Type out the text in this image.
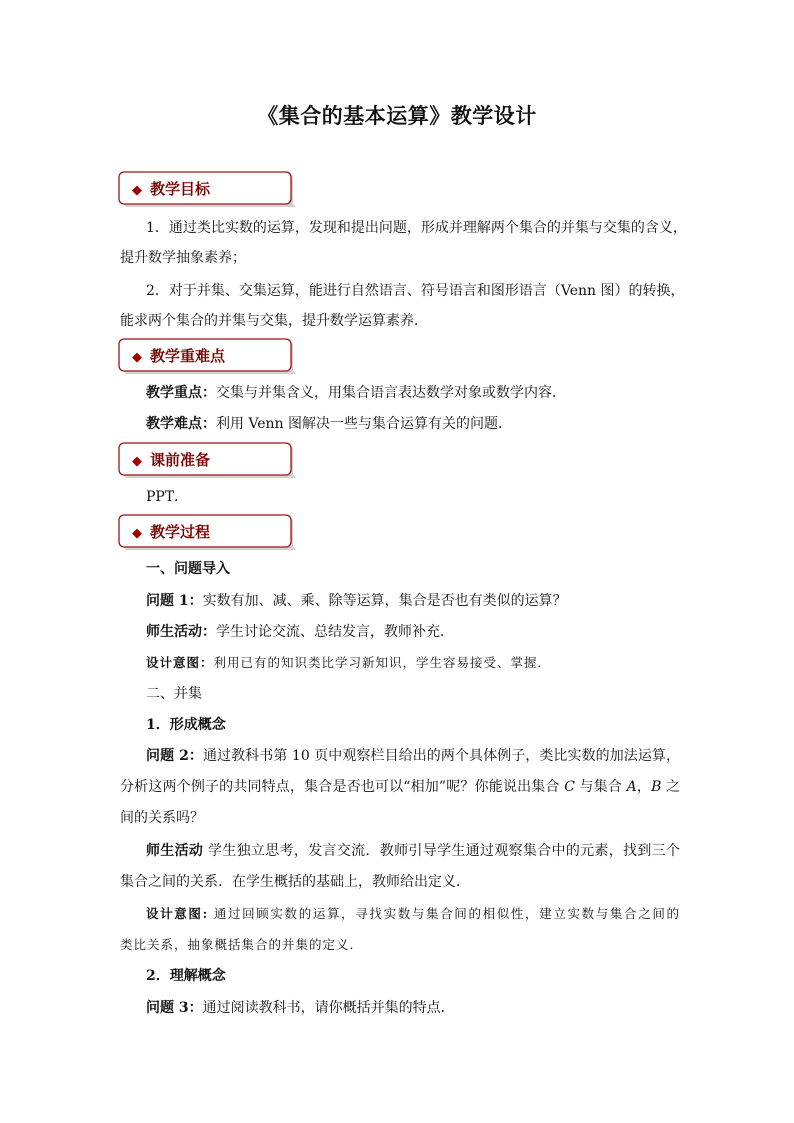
《集合的基本运算》教学设计
◆ 教学目标
1．通过类比实数的运算，发现和提出问题，形成并理解两个集合的并集与交集的含义，
提升数学抽象素养；
2．对于并集、交集运算，能进行自然语言、符号语言和图形语言（Venn 图）的转换，
能求两个集合的并集与交集，提升数学运算素养．
◆ 教学重难点
教学重点：交集与并集含义，用集合语言表达数学对象或数学内容．
教学难点：利用 Venn 图解决一些与集合运算有关的问题．
◆ 课前准备
PPT．
◆ 教学过程
一、问题导入
问题 1：实数有加、减、乘、除等运算，集合是否也有类似的运算？
师生活动：学生讨论交流、总结发言，教师补充．
设计意图：利用已有的知识类比学习新知识，学生容易接受、掌握．
二、并集
1．形成概念
问题 2：通过教科书第 10 页中观察栏目给出的两个具体例子，类比实数的加法运算，
分析这两个例子的共同特点，集合是否也可以“相加”呢？你能说出集合 C 与集合 A，B 之
间的关系吗？
师生活动 学生独立思考，发言交流．教师引导学生通过观察集合中的元素，找到三个
集合之间的关系．在学生概括的基础上，教师给出定义．
设计意图: 通过回顾实数的运算，寻找实数与集合间的相似性，建立实数与集合之间的
类比关系，抽象概括集合的并集的定义．
2．理解概念
问题 3：通过阅读教科书，请你概括并集的特点．
